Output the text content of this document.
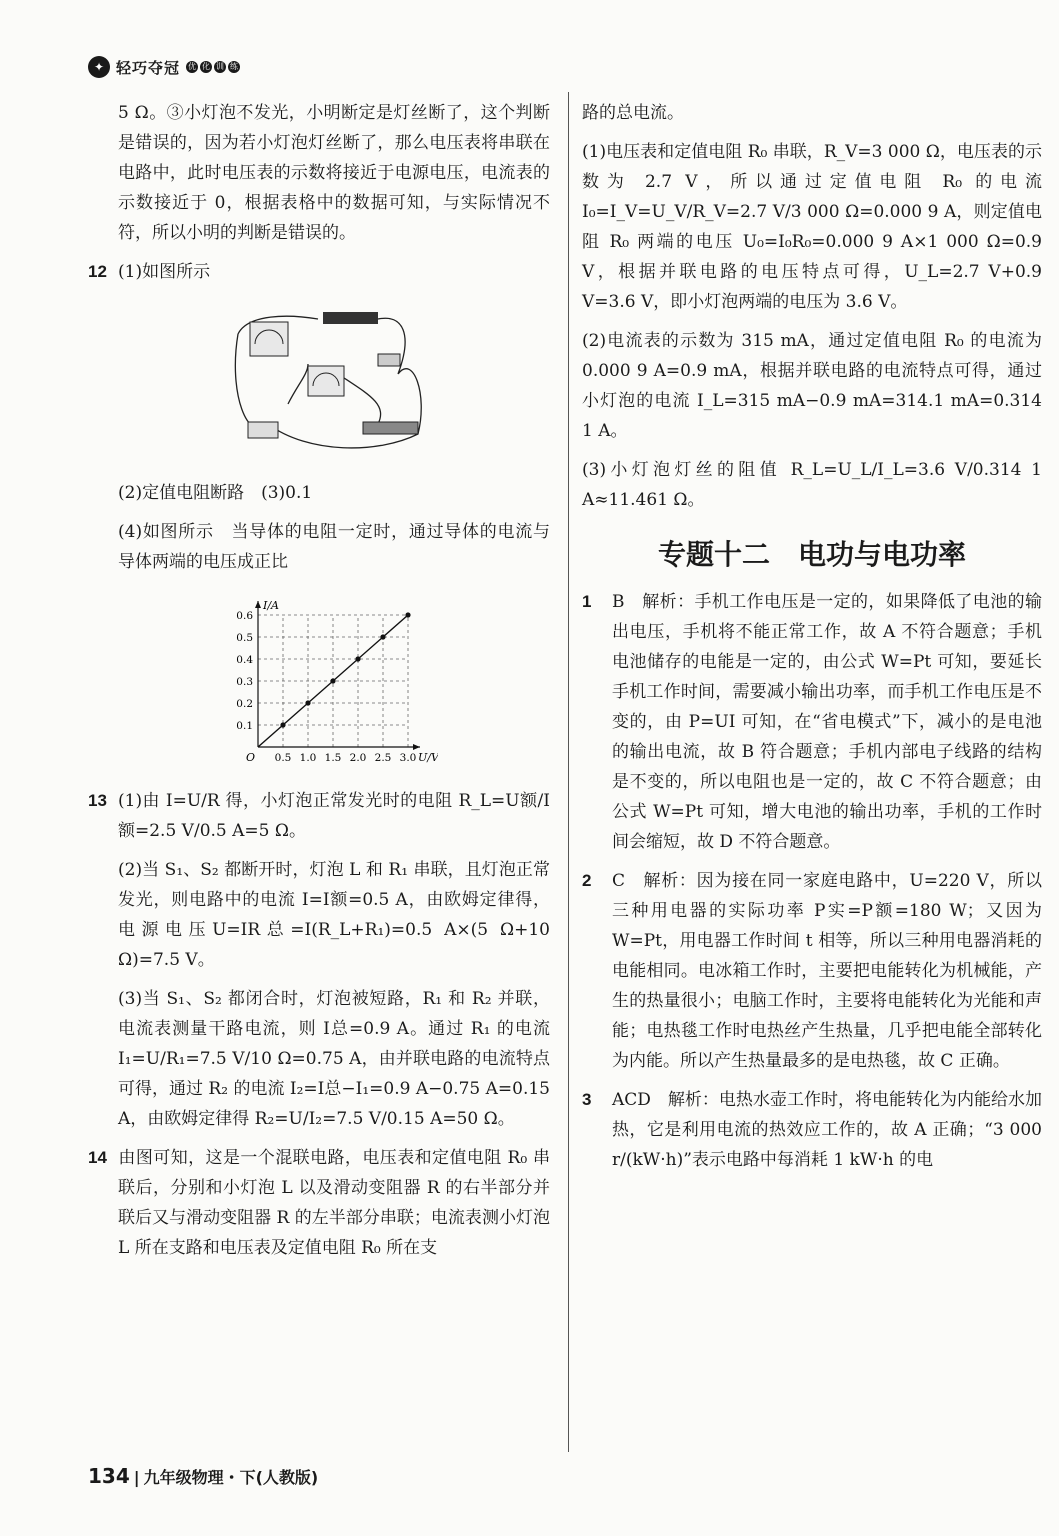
✦ 轻巧夺冠 优 化 训 练

5 Ω。③小灯泡不发光，小明断定是灯丝断了，这个判断是错误的，因为若小灯泡灯丝断了，那么电压表将串联在电路中，此时电压表的示数将接近于电源电压，电流表的示数接近于 0，根据表格中的数据可知，与实际情况不符，所以小明的判断是错误的。

12 (1)如图所示

(2)定值电阻断路　(3)0.1

(4)如图所示　当导体的电阻一定时，通过导体的电流与导体两端的电压成正比

0.5 1.0 1.5 2.0 2.5 3.0
0.1
0.2
0.3
0.4
0.5
0.6
O	U/V
I/A

13 (1)由 I=U/R 得，小灯泡正常发光时的电阻 R_L=U额/I额=2.5 V/0.5 A=5 Ω。

(2)当 S₁、S₂ 都断开时，灯泡 L 和 R₁ 串联，且灯泡正常发光，则电路中的电流 I=I额=0.5 A，由欧姆定律得，电源电压U=IR总=I(R_L+R₁)=0.5 A×(5 Ω+10 Ω)=7.5 V。

(3)当 S₁、S₂ 都闭合时，灯泡被短路，R₁ 和 R₂ 并联，电流表测量干路电流，则 I总=0.9 A。通过 R₁ 的电流 I₁=U/R₁=7.5 V/10 Ω=0.75 A，由并联电路的电流特点可得，通过 R₂ 的电流 I₂=I总−I₁=0.9 A−0.75 A=0.15 A，由欧姆定律得 R₂=U/I₂=7.5 V/0.15 A=50 Ω。

14 由图可知，这是一个混联电路，电压表和定值电阻 R₀ 串联后，分别和小灯泡 L 以及滑动变阻器 R 的右半部分并联后又与滑动变阻器 R 的左半部分串联；电流表测小灯泡 L 所在支路和电压表及定值电阻 R₀ 所在支

路的总电流。

(1)电压表和定值电阻 R₀ 串联，R_V=3 000 Ω，电压表的示数为 2.7 V，所以通过定值电阻 R₀ 的电流 I₀=I_V=U_V/R_V=2.7 V/3 000 Ω=0.000 9 A，则定值电阻 R₀ 两端的电压 U₀=I₀R₀=0.000 9 A×1 000 Ω=0.9 V，根据并联电路的电压特点可得，U_L=2.7 V+0.9 V=3.6 V，即小灯泡两端的电压为 3.6 V。

(2)电流表的示数为 315 mA，通过定值电阻 R₀ 的电流为0.000 9 A=0.9 mA，根据并联电路的电流特点可得，通过小灯泡的电流 I_L=315 mA−0.9 mA=314.1 mA=0.314 1 A。

(3)小灯泡灯丝的阻值 R_L=U_L/I_L=3.6 V/0.314 1 A≈11.461 Ω。

专题十二　电功与电功率

1 B　解析：手机工作电压是一定的，如果降低了电池的输出电压，手机将不能正常工作，故 A 不符合题意；手机电池储存的电能是一定的，由公式 W=Pt 可知，要延长手机工作时间，需要减小输出功率，而手机工作电压是不变的，由 P=UI 可知，在“省电模式”下，减小的是电池的输出电流，故 B 符合题意；手机内部电子线路的结构是不变的，所以电阻也是一定的，故 C 不符合题意；由公式 W=Pt 可知，增大电池的输出功率，手机的工作时间会缩短，故 D 不符合题意。

2 C　解析：因为接在同一家庭电路中，U=220 V，所以三种用电器的实际功率 P实=P额=180 W；又因为 W=Pt，用电器工作时间 t 相等，所以三种用电器消耗的电能相同。电冰箱工作时，主要把电能转化为机械能，产生的热量很小；电脑工作时，主要将电能转化为光能和声能；电热毯工作时电热丝产生热量，几乎把电能全部转化为内能。所以产生热量最多的是电热毯，故 C 正确。

3 ACD　解析：电热水壶工作时，将电能转化为内能给水加热，它是利用电流的热效应工作的，故 A 正确；“3 000 r/(kW·h)”表示电路中每消耗 1 kW·h 的电

134 | 九年级物理・下(人教版)
